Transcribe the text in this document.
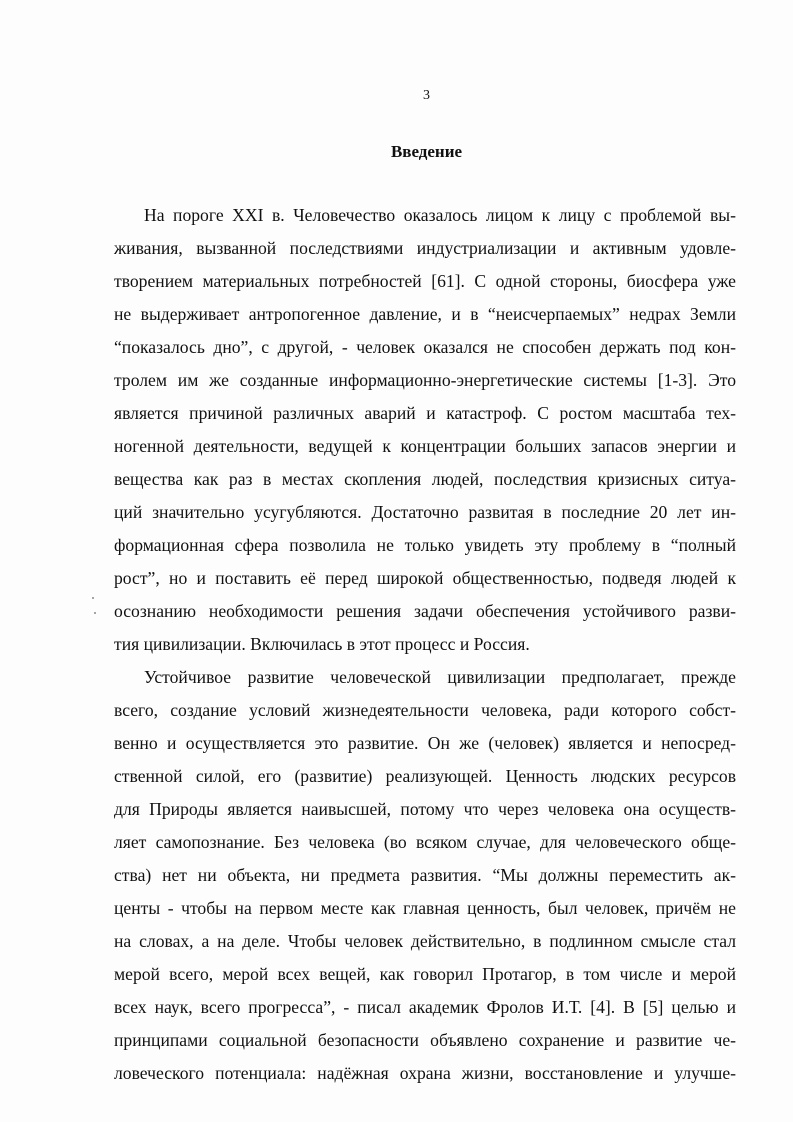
3
Введение
На пороге XXI в. Человечество оказалось лицом к лицу с проблемой вы-
живания, вызванной последствиями индустриализации и активным удовле-
творением материальных потребностей [61]. С одной стороны, биосфера уже
не выдерживает антропогенное давление, и в “неисчерпаемых” недрах Земли
“показалось дно”, с другой, - человек оказался не способен держать под кон-
тролем им же созданные информационно-энергетические системы [1-3]. Это
является причиной различных аварий и катастроф. С ростом масштаба тех-
ногенной деятельности, ведущей к концентрации больших запасов энергии и
вещества как раз в местах скопления людей, последствия кризисных ситуа-
ций значительно усугубляются. Достаточно развитая в последние 20 лет ин-
формационная сфера позволила не только увидеть эту проблему в “полный
рост”, но и поставить её перед широкой общественностью, подведя людей к
осознанию необходимости решения задачи обеспечения устойчивого разви-
тия цивилизации. Включилась в этот процесс и Россия.
Устойчивое развитие человеческой цивилизации предполагает, прежде
всего, создание условий жизнедеятельности человека, ради которого собст-
венно и осуществляется это развитие. Он же (человек) является и непосред-
ственной силой, его (развитие) реализующей. Ценность людских ресурсов
для Природы является наивысшей, потому что через человека она осуществ-
ляет самопознание. Без человека (во всяком случае, для человеческого обще-
ства) нет ни объекта, ни предмета развития. “Мы должны переместить ак-
центы - чтобы на первом месте как главная ценность, был человек, причём не
на словах, а на деле. Чтобы человек действительно, в подлинном смысле стал
мерой всего, мерой всех вещей, как говорил Протагор, в том числе и мерой
всех наук, всего прогресса”, - писал академик Фролов И.Т. [4]. В [5] целью и
принципами социальной безопасности объявлено сохранение и развитие че-
ловеческого потенциала: надёжная охрана жизни, восстановление и улучше-
